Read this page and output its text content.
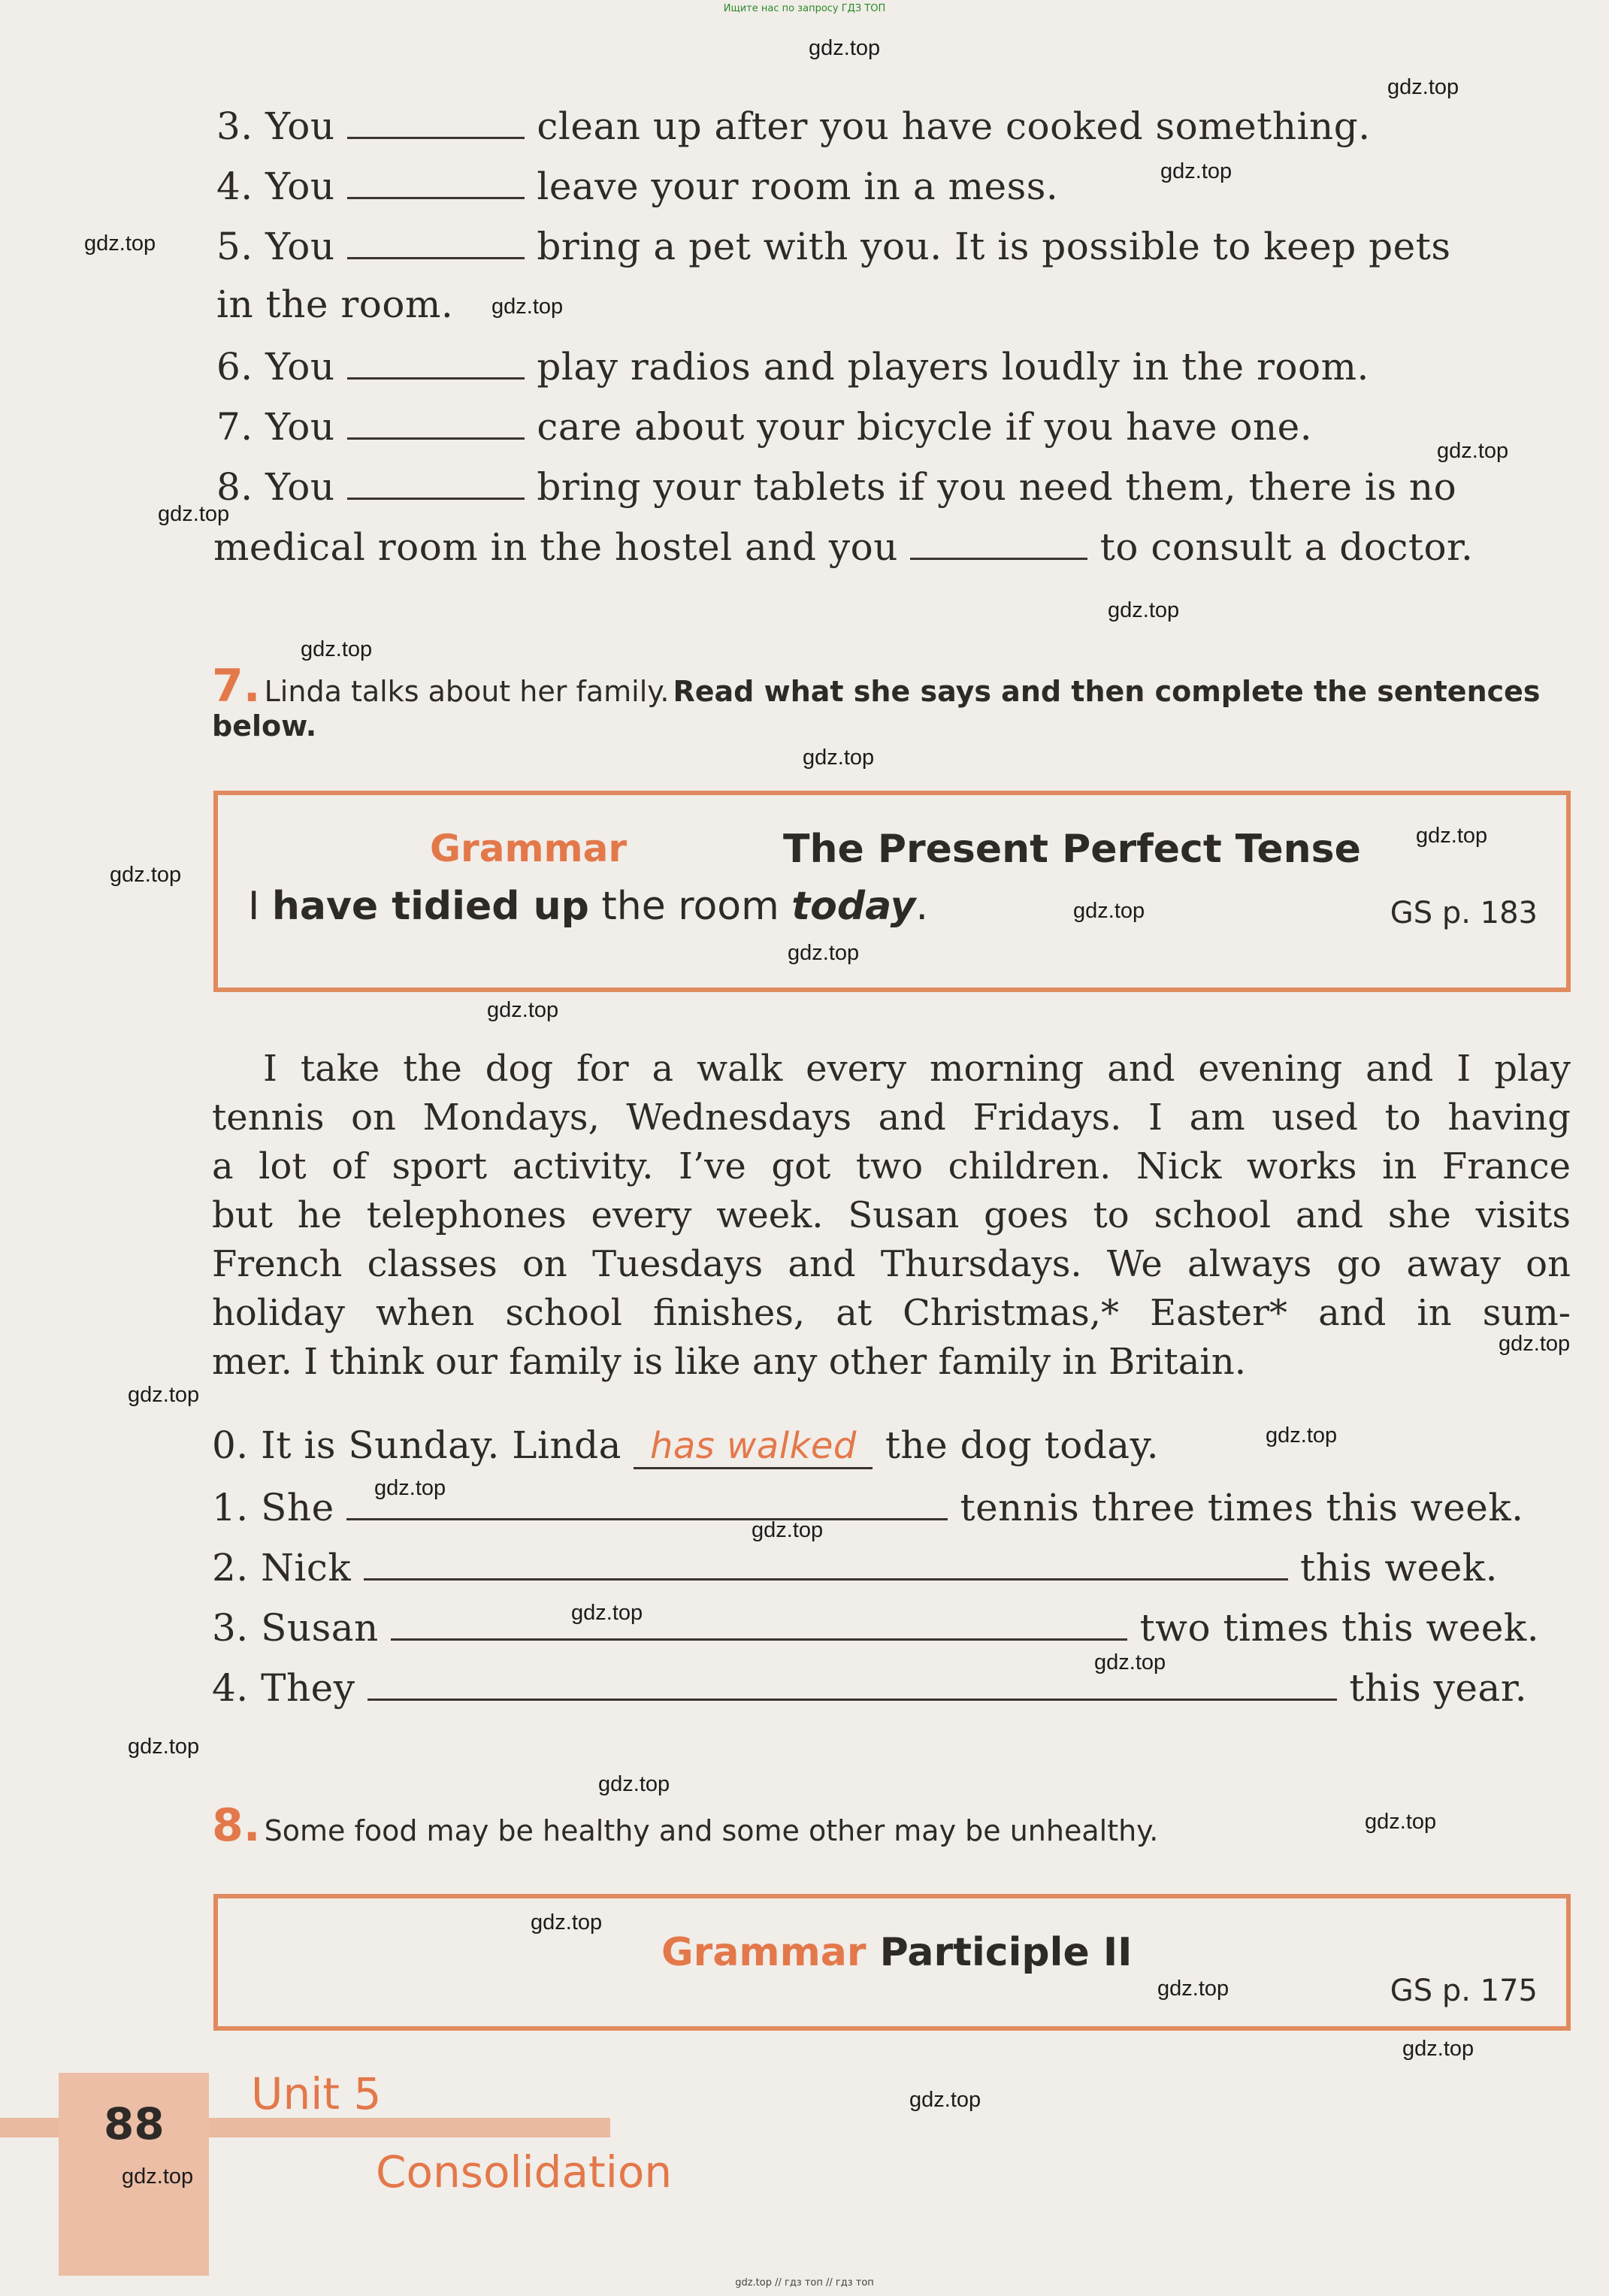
Ищите нас по запросу ГДЗ ТОП
3. You	clean up after you have cooked something.
4. You	leave your room in a mess.
5. You	bring a pet with you. It is possible to keep pets
in the room.
6. You	play radios and players loudly in the room.
7. You	care about your bicycle if you have one.
8. You	bring your tablets if you need them, there is no
medical room in the hostel and you	to consult a doctor.
7. Linda talks about her family. Read what she says and then complete the sentences
below.
Grammar	The Present Perfect Tense
I have tidied up the room today.	GS p. 183
I take the dog for a walk every morning and evening and I play
tennis on Mondays, Wednesdays and Fridays. I am used to having
a lot of sport activity. I’ve got two children. Nick works in France
but he telephones every week. Susan goes to school and she visits
French classes on Tuesdays and Thursdays. We always go away on
holiday when school finishes, at Christmas,* Easter* and in sum-
mer. I think our family is like any other family in Britain.
0. It is Sunday. Linda has walked the dog today.
1. She	tennis three times this week.
2. Nick	this week.
3. Susan	two times this week.
4. They	this year.
8. Some food may be healthy and some other may be unhealthy.
Grammar Participle II
GS p. 175
88
Unit 5
Consolidation
gdz.top
gdz.top
gdz.top
gdz.top
gdz.top
gdz.top
gdz.top
gdz.top
gdz.top
gdz.top
gdz.top
gdz.top
gdz.top
gdz.top
gdz.top
gdz.top
gdz.top
gdz.top
gdz.top
gdz.top
gdz.top
gdz.top
gdz.top
gdz.top
gdz.top
gdz.top
gdz.top
gdz.top
gdz.top
gdz.top
gdz.top // гдз топ // гдз топ
